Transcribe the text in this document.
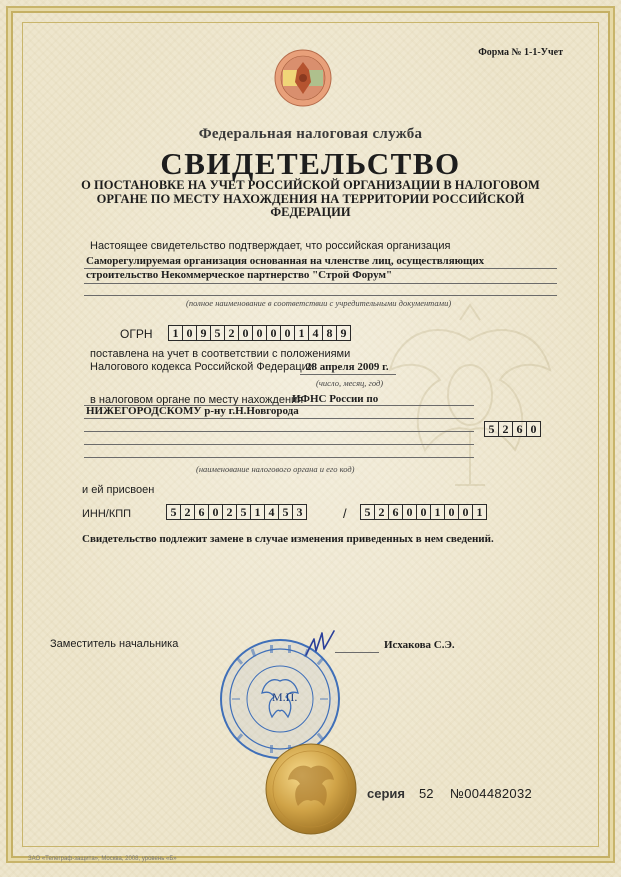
Форма № 1-1-Учет
Федеральная налоговая служба
СВИДЕТЕЛЬСТВО
О ПОСТАНОВКЕ НА УЧЕТ РОССИЙСКОЙ ОРГАНИЗАЦИИ В НАЛОГОВОМ ОРГАНЕ ПО МЕСТУ НАХОЖДЕНИЯ НА ТЕРРИТОРИИ РОССИЙСКОЙ ФЕДЕРАЦИИ
Настоящее свидетельство подтверждает, что российская организация
Саморегулируемая организация основанная на членстве лиц, осуществляющих
строительство Некоммерческое партнерство "Строй Форум"
(полное наименование в соответствии с учредительными документами)
ОГРН 1 0 9 5 2 0 0 0 0 1 4 8 9
поставлена на учет в соответствии с положениями
Налогового кодекса Российской Федерации
28 апреля 2009 г.
(число, месяц, год)
в налоговом органе по месту нахождения
ИФНС России по
НИЖЕГОРОДСКОМУ р-ну г.Н.Новгорода
5 2 6 0
(наименование налогового органа и его код)
и ей присвоен
ИНН/КПП	5 2 6 0 2 5 1 4 5 3	/ 5 2 6 0 0 1 0 0 1
Свидетельство подлежит замене в случае изменения приведенных в нем сведений.
Заместитель начальника	Исхакова С.Э.
М.П.
серия 52 №004482032
ЗАО «Телеграф-защита», Москва, 2008, уровень «Б»
